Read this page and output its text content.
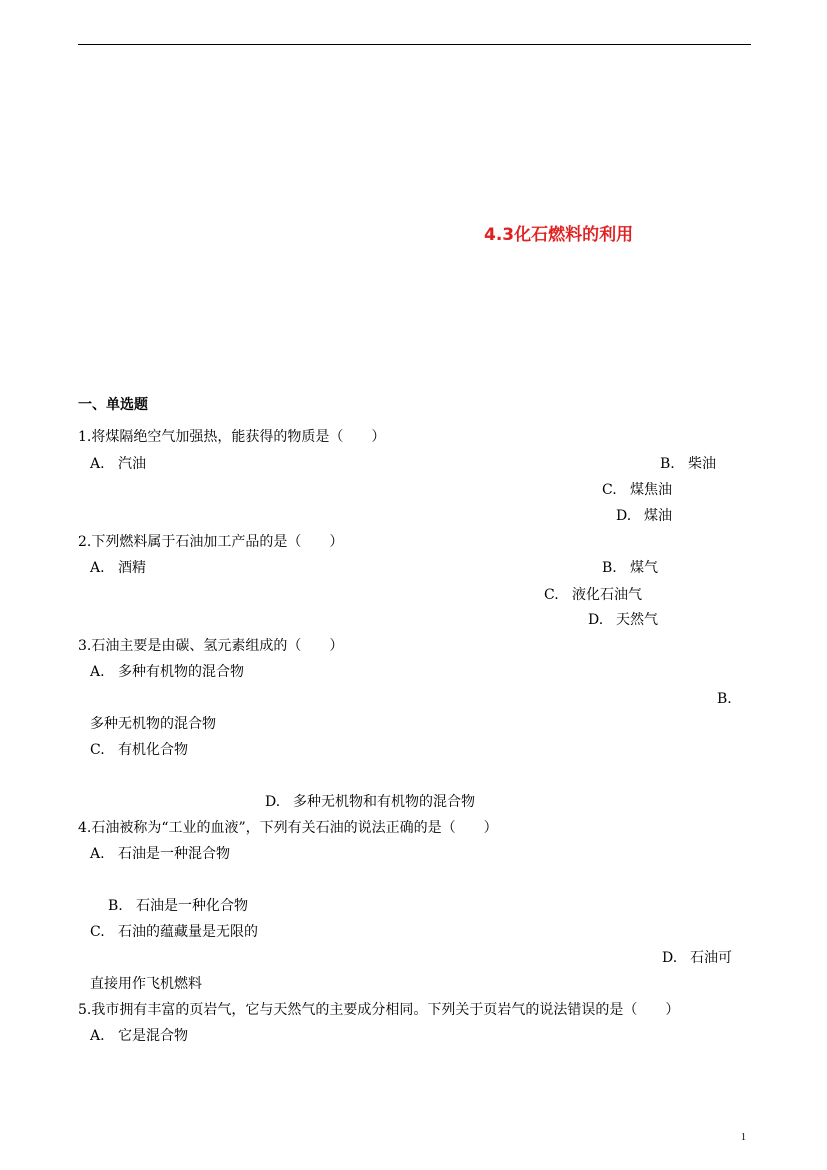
4.3化石燃料的利用
一、单选题
1.将煤隔绝空气加强热，能获得的物质是（　　）
A. 汽油	B. 柴油
C. 煤焦油
D. 煤油
2.下列燃料属于石油加工产品的是（　　）
A. 酒精	B. 煤气
C. 液化石油气
D. 天然气
3.石油主要是由碳、氢元素组成的（　　）
A. 多种有机物的混合物
B.
多种无机物的混合物
C. 有机化合物
D. 多种无机物和有机物的混合物
4.石油被称为“工业的血液”，下列有关石油的说法正确的是（　　）
A. 石油是一种混合物
B. 石油是一种化合物
C. 石油的蕴藏量是无限的
D. 石油可
直接用作飞机燃料
5.我市拥有丰富的页岩气，它与天然气的主要成分相同。下列关于页岩气的说法错误的是（　　）
A. 它是混合物
1
